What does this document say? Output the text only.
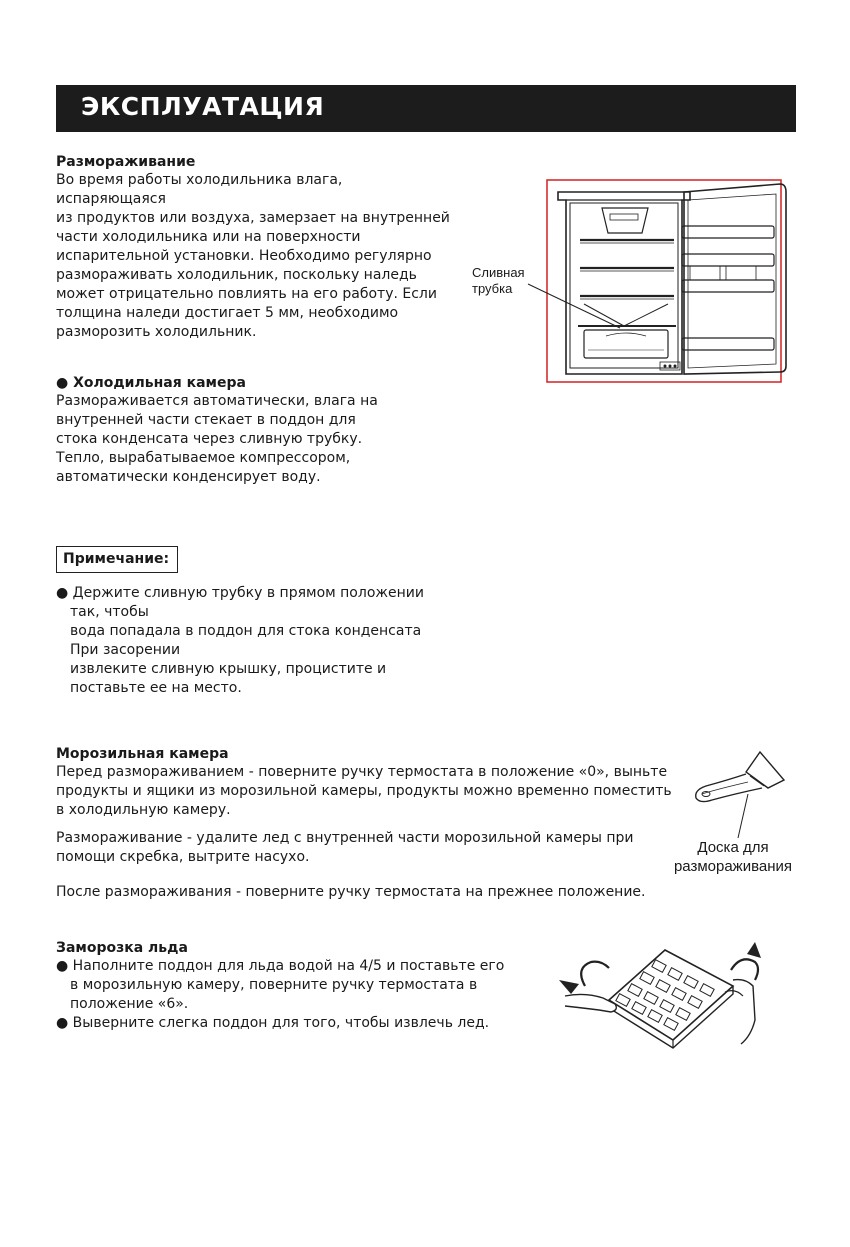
ЭКСПЛУАТАЦИЯ
Размораживание
Во время работы холодильника влага,
испаряющаяся
из продуктов или воздуха, замерзает на внутренней
части холодильника или на поверхности
испарительной установки. Необходимо регулярно
размораживать холодильник, поскольку наледь
может отрицательно повлиять на его работу. Если
толщина наледи достигает 5 мм, необходимо
разморозить холодильник.
Сливная
трубка
● Холодильная камера
Размораживается автоматически, влага на
внутренней части стекает в поддон для
стока конденсата через сливную трубку.
Тепло, вырабатываемое компрессором,
автоматически конденсирует воду.
Примечание:
● Держите сливную трубку в прямом положении
так, чтобы
вода попадала в поддон для стока конденсата
При засорении
извлеките сливную крышку, процистите и
поставьте ее на место.
Морозильная камера
Перед размораживанием - поверните ручку термостата в положение «0», выньте
продукты и ящики из морозильной камеры, продукты можно временно поместить
в холодильную камеру.
Размораживание - удалите лед с внутренней части морозильной камеры при
помощи скребка, вытрите насухо.
После размораживания - поверните ручку термостата на прежнее положение.
Доска для
размораживания
Заморозка льда
● Наполните поддон для льда водой на 4/5 и поставьте его
в морозильную камеру, поверните ручку термостата в
положение «6».
● Выверните слегка поддон для того, чтобы извлечь лед.
